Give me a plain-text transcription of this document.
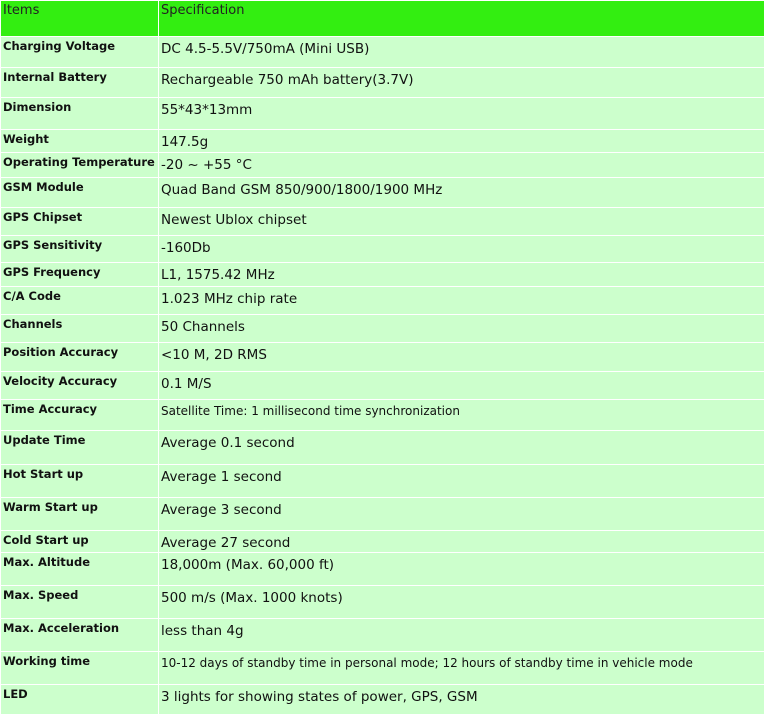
Items	Specification
Charging Voltage	DC 4.5-5.5V/750mA (Mini USB)
Internal Battery	Rechargeable 750 mAh battery(3.7V)
Dimension	55*43*13mm
Weight	147.5g
Operating Temperature	-20 ~ +55 °C
GSM Module	Quad Band GSM 850/900/1800/1900 MHz
GPS Chipset	Newest Ublox chipset
GPS Sensitivity	-160Db
GPS Frequency	L1, 1575.42 MHz
C/A Code	1.023 MHz chip rate
Channels	50 Channels
Position Accuracy	<10 M, 2D RMS
Velocity Accuracy	0.1 M/S
Time Accuracy	Satellite Time: 1 millisecond time synchronization
Update Time	Average 0.1 second
Hot Start up	Average 1 second
Warm Start up	Average 3 second
Cold Start up	Average 27 second
Max. Altitude	18,000m (Max. 60,000 ft)
Max. Speed	500 m/s (Max. 1000 knots)
Max. Acceleration	less than 4g
Working time	10-12 days of standby time in personal mode; 12 hours of standby time in vehicle mode
LED	3 lights for showing states of power, GPS, GSM
